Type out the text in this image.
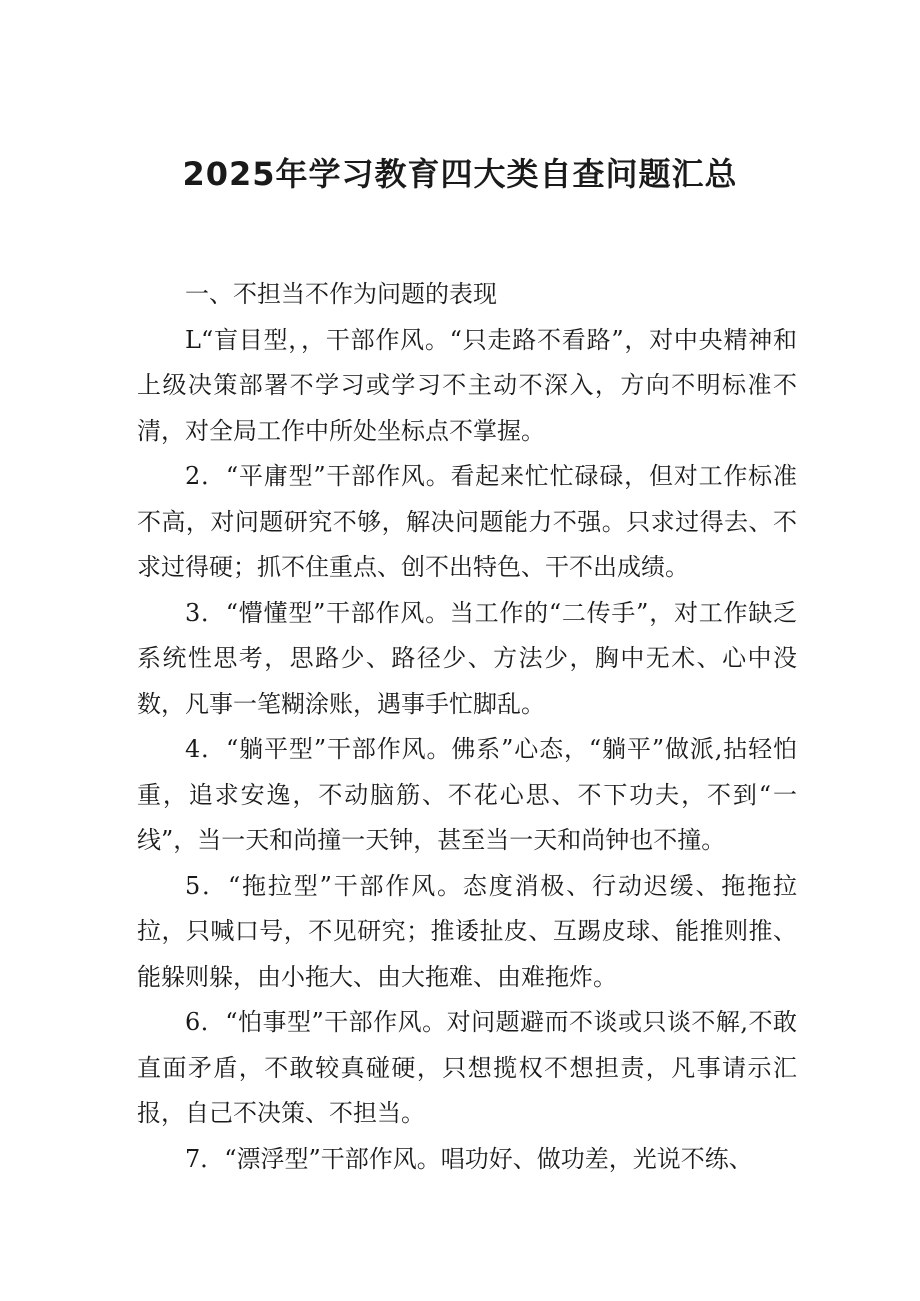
2025年学习教育四大类自查问题汇总

一、不担当不作为问题的表现

L“盲目型，，干部作风。“只走路不看路”，对中央精神和上级决策部署不学习或学习不主动不深入，方向不明标准不清，对全局工作中所处坐标点不掌握。

2．“平庸型”干部作风。看起来忙忙碌碌，但对工作标准不高，对问题研究不够，解决问题能力不强。只求过得去、不求过得硬；抓不住重点、创不出特色、干不出成绩。

3．“懵懂型”干部作风。当工作的“二传手”，对工作缺乏系统性思考，思路少、路径少、方法少，胸中无术、心中没数，凡事一笔糊涂账，遇事手忙脚乱。

4．“躺平型”干部作风。佛系”心态，“躺平”做派,拈轻怕重，追求安逸，不动脑筋、不花心思、不下功夫，不到“一线”，当一天和尚撞一天钟，甚至当一天和尚钟也不撞。

5．“拖拉型”干部作风。态度消极、行动迟缓、拖拖拉拉，只喊口号，不见研究；推诿扯皮、互踢皮球、能推则推、能躲则躲，由小拖大、由大拖难、由难拖炸。

6．“怕事型”干部作风。对问题避而不谈或只谈不解,不敢直面矛盾，不敢较真碰硬，只想揽权不想担责，凡事请示汇报，自己不决策、不担当。

7．“漂浮型”干部作风。唱功好、做功差，光说不练、
